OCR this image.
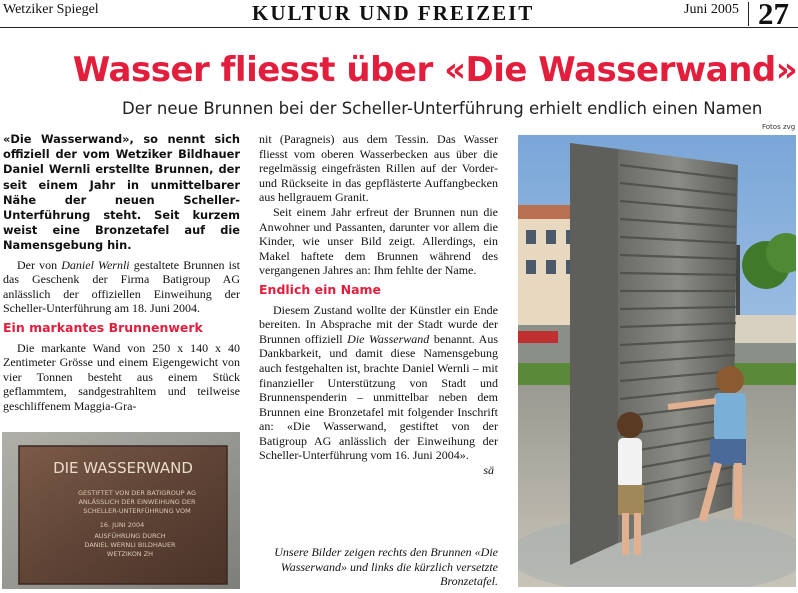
Wetziker Spiegel	KULTUR UND FREIZEIT	Juni 2005 27
Wasser fliesst über «Die Wasserwand»
Der neue Brunnen bei der Scheller-Unterführung erhielt endlich einen Namen
Fotos zvg

«Die Wasserwand», so nennt sich offiziell der vom Wetziker Bildhauer Daniel Wernli erstellte Brunnen, der seit einem Jahr in unmittelbarer Nähe der neuen Scheller-Unterführung steht. Seit kurzem weist eine Bronzetafel auf die Namensgebung hin.

Der von Daniel Wernli gestaltete Brunnen ist das Geschenk der Firma Batigroup AG anlässlich der offiziellen Einweihung der Scheller-Unterführung am 18. Juni 2004.

Ein markantes Brunnenwerk

Die markante Wand von 250 x 140 x 40 Zentimeter Grösse und einem Eigengewicht von vier Tonnen besteht aus einem Stück geflammtem, sandgestrahltem und teilweise geschliffenem Maggia-Gra-

DIE WASSERWAND
GESTIFTET VON DER BATIGROUP AG
ANLÄSSLICH DER EINWEIHUNG DER
SCHELLER-UNTERFÜHRUNG VOM
16. JUNI 2004
AUSFÜHRUNG DURCH
DANIEL WERNLI BILDHAUER
WETZIKON ZH

nit (Paragneis) aus dem Tessin. Das Wasser fliesst vom oberen Wasserbecken aus über die regelmässig eingefrästen Rillen auf der Vorder- und Rückseite in das gepflästerte Auffangbecken aus hellgrauem Granit.

Seit einem Jahr erfreut der Brunnen nun die Anwohner und Passanten, darunter vor allem die Kinder, wie unser Bild zeigt. Allerdings, ein Makel haftete dem Brunnen während des vergangenen Jahres an: Ihm fehlte der Name.

Endlich ein Name

Diesem Zustand wollte der Künstler ein Ende bereiten. In Absprache mit der Stadt wurde der Brunnen offiziell Die Wasserwand benannt. Aus Dankbarkeit, und damit diese Namensgebung auch festgehalten ist, brachte Daniel Wernli – mit finanzieller Unterstützung von Stadt und Brunnenspenderin – unmittelbar neben dem Brunnen eine Bronzetafel mit folgender Inschrift an: «Die Wasserwand, gestiftet von der Batigroup AG anlässlich der Einweihung der Scheller-Unterführung vom 16. Juni 2004».

sä

Unsere Bilder zeigen rechts den Brunnen «Die Wasserwand» und links die kürzlich versetzte Bronzetafel.
